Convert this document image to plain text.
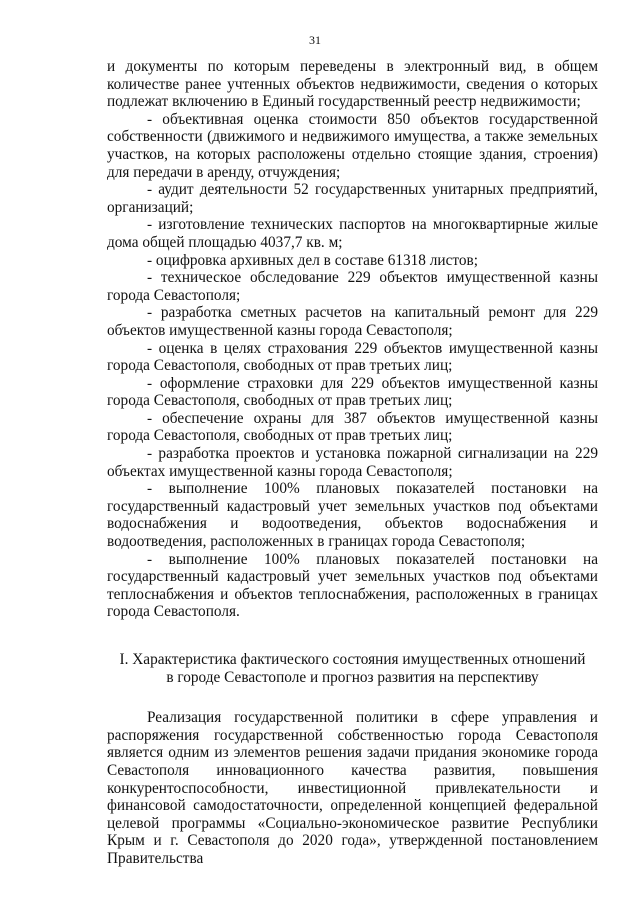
31

и документы по которым переведены в электронный вид, в общем количестве ранее учтенных объектов недвижимости, сведения о которых подлежат включению в Единый государственный реестр недвижимости;

- объективная оценка стоимости 850 объектов государственной собственности (движимого и недвижимого имущества, а также земельных участков, на которых расположены отдельно стоящие здания, строения) для передачи в аренду, отчуждения;

- аудит деятельности 52 государственных унитарных предприятий, организаций;

- изготовление технических паспортов на многоквартирные жилые дома общей площадью 4037,7 кв. м;

- оцифровка архивных дел в составе 61318 листов;

- техническое обследование 229 объектов имущественной казны города Севастополя;

- разработка сметных расчетов на капитальный ремонт для 229 объектов имущественной казны города Севастополя;

- оценка в целях страхования 229 объектов имущественной казны города Севастополя, свободных от прав третьих лиц;

- оформление страховки для 229 объектов имущественной казны города Севастополя, свободных от прав третьих лиц;

- обеспечение охраны для 387 объектов имущественной казны города Севастополя, свободных от прав третьих лиц;

- разработка проектов и установка пожарной сигнализации на 229 объектах имущественной казны города Севастополя;

- выполнение 100% плановых показателей постановки на государственный кадастровый учет земельных участков под объектами водоснабжения и водоотведения, объектов водоснабжения и водоотведения, расположенных в границах города Севастополя;

- выполнение 100% плановых показателей постановки на государственный кадастровый учет земельных участков под объектами теплоснабжения и объектов теплоснабжения, расположенных в границах города Севастополя.

I. Характеристика фактического состояния имущественных отношений
в городе Севастополе и прогноз развития на перспективу

Реализация государственной политики в сфере управления и распоряжения государственной собственностью города Севастополя является одним из элементов решения задачи придания экономике города Севастополя инновационного качества развития, повышения конкурентоспособности, инвестиционной привлекательности и финансовой самодостаточности, определенной концепцией федеральной целевой программы «Социально-экономическое развитие Республики Крым и г. Севастополя до 2020 года», утвержденной постановлением Правительства
